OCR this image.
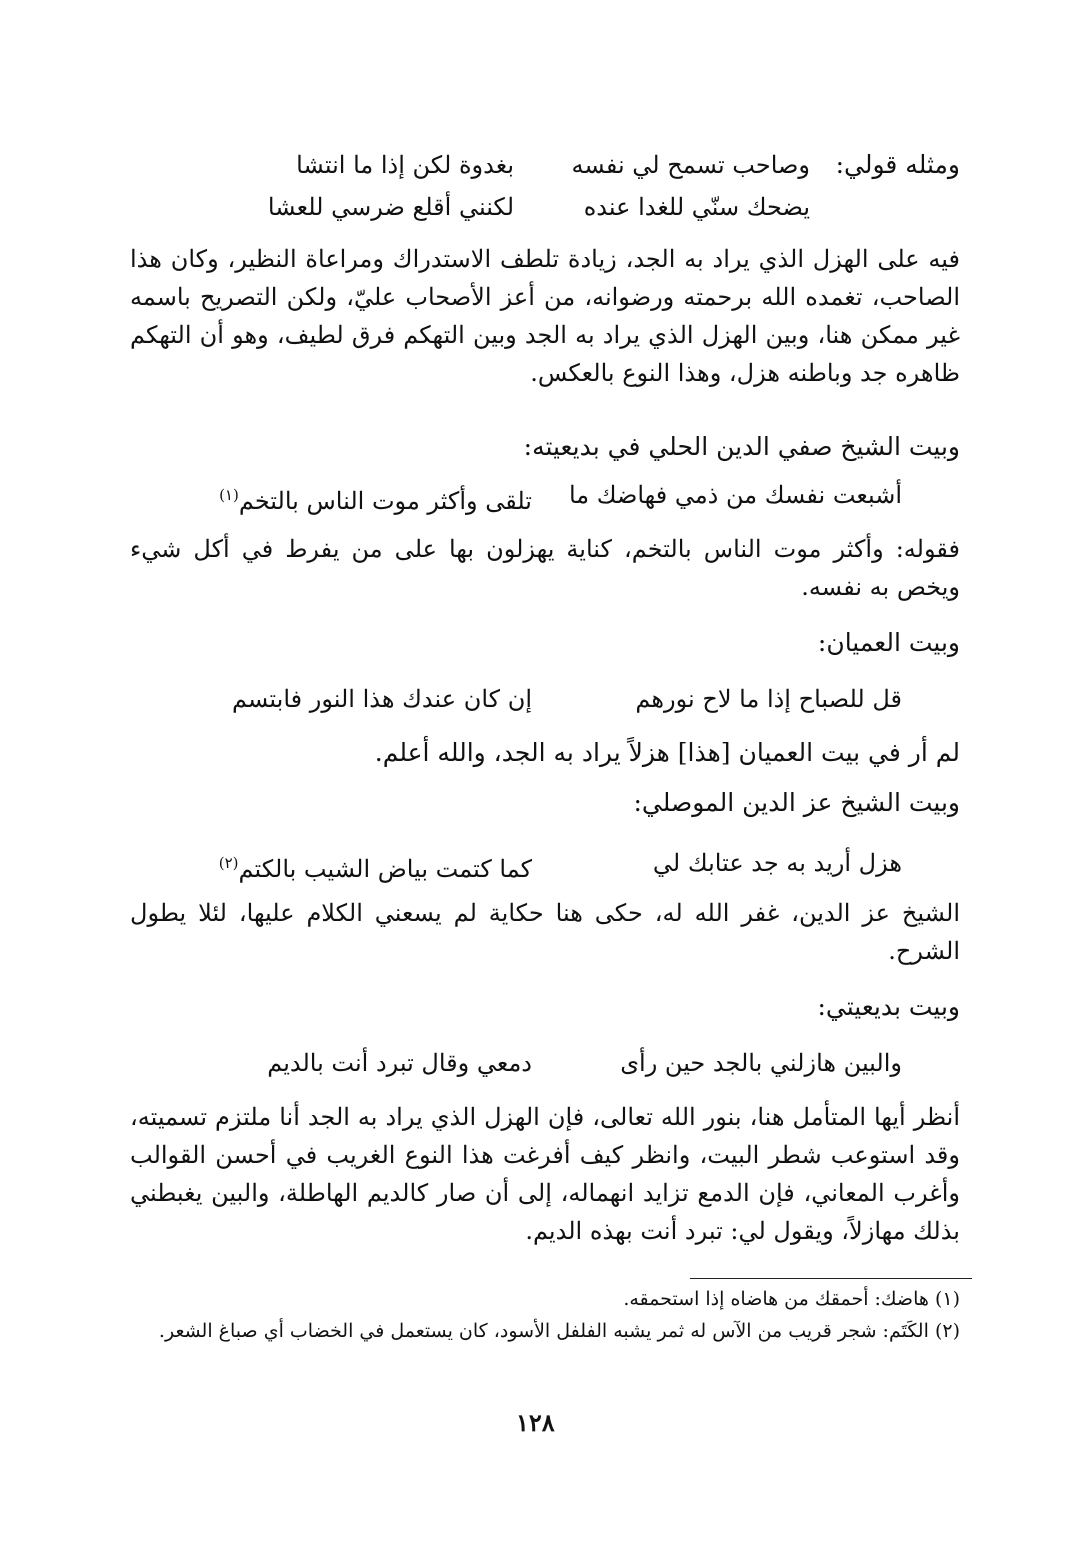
ومثله قولي:
وصاحب تسمح لي نفسه
بغدوة لكن إذا ما انتشا
يضحك سنّي للغدا عنده
لكنني أقلع ضرسي للعشا
فيه على الهزل الذي يراد به الجد، زيادة تلطف الاستدراك ومراعاة النظير، وكان هذا الصاحب، تغمده الله برحمته ورضوانه، من أعز الأصحاب عليّ، ولكن التصريح باسمه غير ممكن هنا، وبين الهزل الذي يراد به الجد وبين التهكم فرق لطيف، وهو أن التهكم ظاهره جد وباطنه هزل، وهذا النوع بالعكس.
وبيت الشيخ صفي الدين الحلي في بديعيته:
أشبعت نفسك من ذمي فهاضك ما
تلقى وأكثر موت الناس بالتخم$^{(١)}$
فقوله: وأكثر موت الناس بالتخم، كناية يهزلون بها على من يفرط في أكل شيء ويخص به نفسه.
وبيت العميان:
قل للصباح إذا ما لاح نورهم
إن كان عندك هذا النور فابتسم
لم أر في بيت العميان [هذا] هزلاً يراد به الجد، والله أعلم.
وبيت الشيخ عز الدين الموصلي:
هزل أريد به جد عتابك لي
كما كتمت بياض الشيب بالكتم$^{(٢)}$
الشيخ عز الدين، غفر الله له، حكى هنا حكاية لم يسعني الكلام عليها، لئلا يطول الشرح.
وبيت بديعيتي:
والبين هازلني بالجد حين رأى
دمعي وقال تبرد أنت بالديم
أنظر أيها المتأمل هنا، بنور الله تعالى، فإن الهزل الذي يراد به الجد أنا ملتزم تسميته، وقد استوعب شطر البيت، وانظر كيف أفرغت هذا النوع الغريب في أحسن القوالب وأغرب المعاني، فإن الدمع تزايد انهماله، إلى أن صار كالديم الهاطلة، والبين يغبطني بذلك مهازلاً، ويقول لي: تبرد أنت بهذه الديم.
(١) هاضك: أحمقك من هاضاه إذا استحمقه.
(٢) الكَتَم: شجر قريب من الآس له ثمر يشبه الفلفل الأسود، كان يستعمل في الخضاب أي صباغ الشعر.
١٢٨
